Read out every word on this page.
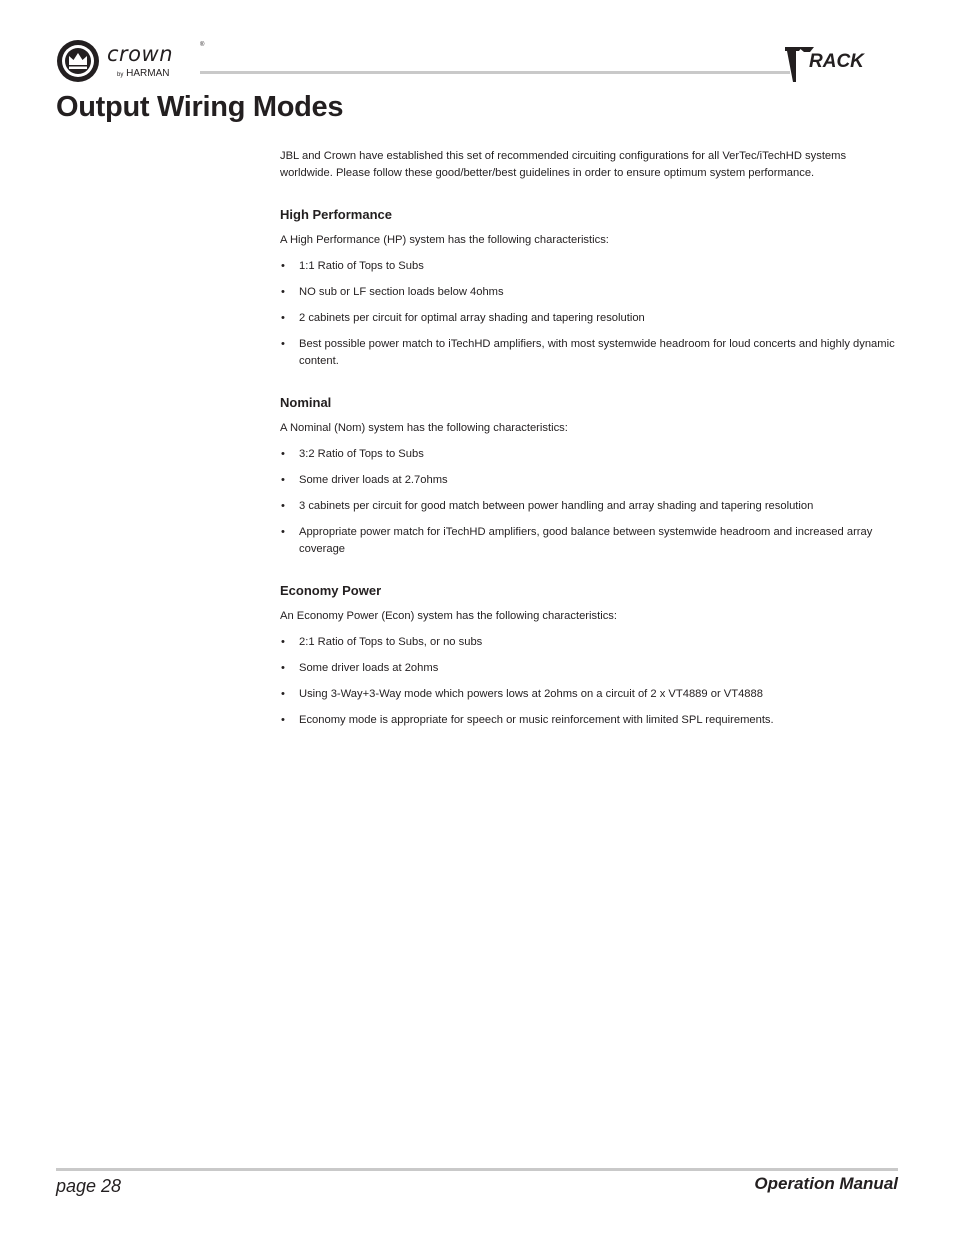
crown	®
by HARMAN
RACK
Output Wiring Modes

JBL and Crown have established this set of recommended circuiting configurations for all VerTec/iTechHD systems worldwide. Please follow these good/better/best guidelines in order to ensure optimum system performance.

High Performance

A High Performance (HP) system has the following characteristics:

• 1:1 Ratio of Tops to Subs
• NO sub or LF section loads below 4ohms
• 2 cabinets per circuit for optimal array shading and tapering resolution
• Best possible power match to iTechHD amplifiers, with most systemwide headroom for loud concerts and highly dynamic content.
Nominal

A Nominal (Nom) system has the following characteristics:

• 3:2 Ratio of Tops to Subs
• Some driver loads at 2.7ohms
• 3 cabinets per circuit for good match between power handling and array shading and tapering resolution
• Appropriate power match for iTechHD amplifiers, good balance between systemwide headroom and increased array coverage
Economy Power

An Economy Power (Econ) system has the following characteristics:

• 2:1 Ratio of Tops to Subs, or no subs
• Some driver loads at 2ohms
• Using 3-Way+3-Way mode which powers lows at 2ohms on a circuit of 2 x VT4889 or VT4888
• Economy mode is appropriate for speech or music reinforcement with limited SPL requirements.
page 28	Operation Manual
